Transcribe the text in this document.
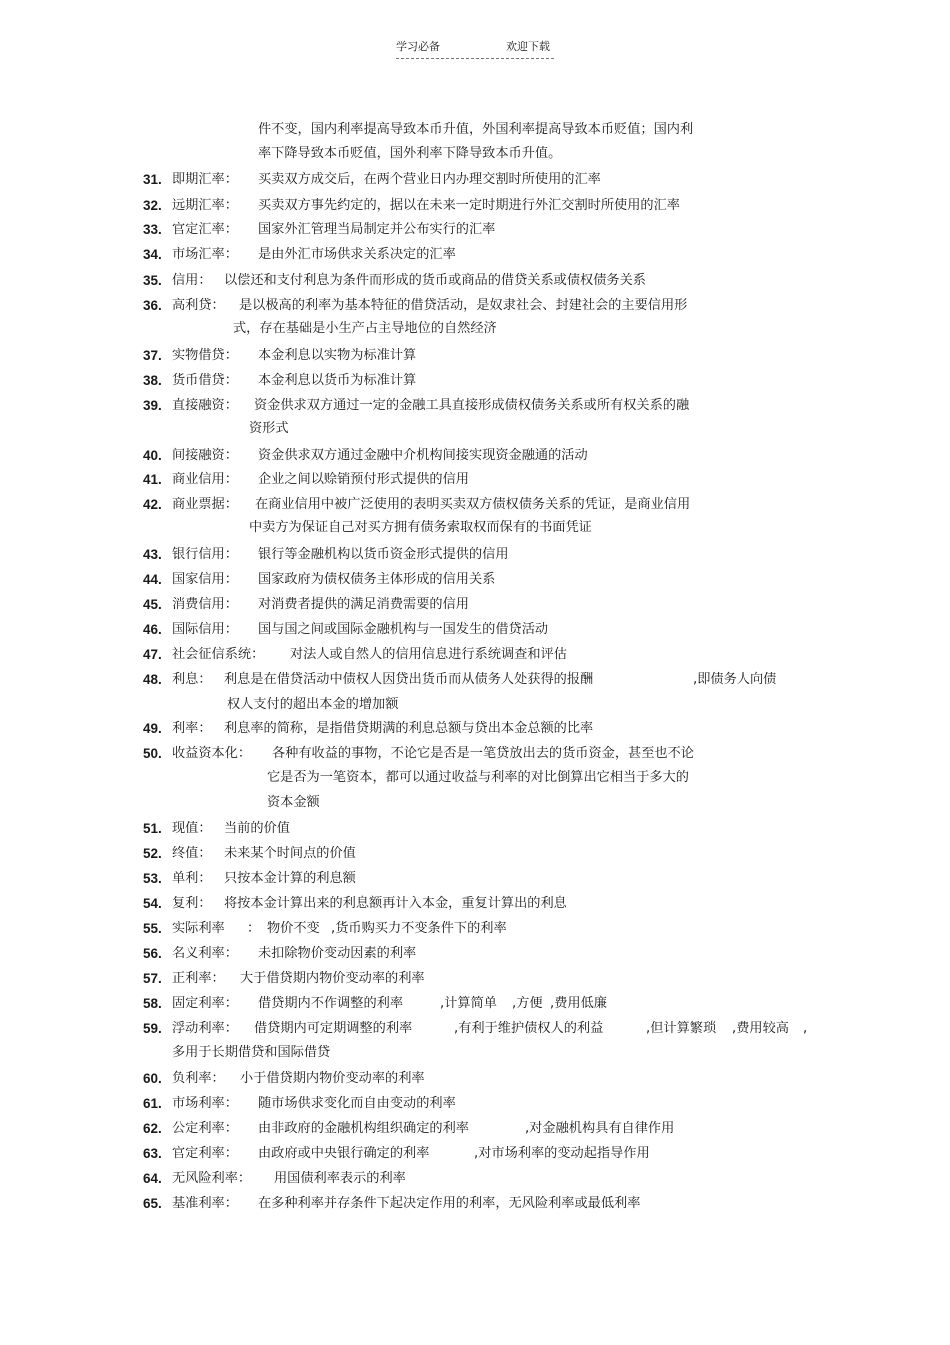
学习必备	欢迎下载
件不变，国内利率提高导致本币升值，外国利率提高导致本币贬值；国内利
率下降导致本币贬值，国外利率下降导致本币升值。
31. 即期汇率： 买卖双方成交后，在两个营业日内办理交割时所使用的汇率
32. 远期汇率： 买卖双方事先约定的，据以在未来一定时期进行外汇交割时所使用的汇率
33. 官定汇率： 国家外汇管理当局制定并公布实行的汇率
34. 市场汇率： 是由外汇市场供求关系决定的汇率
35. 信用： 以偿还和支付利息为条件而形成的货币或商品的借贷关系或债权债务关系
36. 高利贷： 是以极高的利率为基本特征的借贷活动，是奴隶社会、封建社会的主要信用形
式，存在基础是小生产占主导地位的自然经济
37. 实物借贷： 本金利息以实物为标准计算
38. 货币借贷： 本金利息以货币为标准计算
39. 直接融资： 资金供求双方通过一定的金融工具直接形成债权债务关系或所有权关系的融
资形式
40. 间接融资： 资金供求双方通过金融中介机构间接实现资金融通的活动
41. 商业信用： 企业之间以赊销预付形式提供的信用
42. 商业票据： 在商业信用中被广泛使用的表明买卖双方债权债务关系的凭证，是商业信用
中卖方为保证自己对买方拥有债务索取权而保有的书面凭证
43. 银行信用： 银行等金融机构以货币资金形式提供的信用
44. 国家信用： 国家政府为债权债务主体形成的信用关系
45. 消费信用： 对消费者提供的满足消费需要的信用
46. 国际信用： 国与国之间或国际金融机构与一国发生的借贷活动
47. 社会征信系统： 对法人或自然人的信用信息进行系统调查和评估
48. 利息： 利息是在借贷活动中债权人因贷出货币而从债务人处获得的报酬	,即债务人向债
权人支付的超出本金的增加额
49. 利率： 利息率的简称，是指借贷期满的利息总额与贷出本金总额的比率
50. 收益资本化： 各种有收益的事物，不论它是否是一笔贷放出去的货币资金，甚至也不论
它是否为一笔资本，都可以通过收益与利率的对比倒算出它相当于多大的
资本金额
51. 现值： 当前的价值
52. 终值： 未来某个时间点的价值
53. 单利： 只按本金计算的利息额
54. 复利： 将按本金计算出来的利息额再计入本金，重复计算出的利息
55. 实际利率 ： 物价不变 ,货币购买力不变条件下的利率
56. 名义利率： 未扣除物价变动因素的利率
57. 正利率： 大于借贷期内物价变动率的利率
58. 固定利率： 借贷期内不作调整的利率	,计算简单 ,方便 ,费用低廉
59. 浮动利率： 借贷期内可定期调整的利率	,有利于维护债权人的利益	,但计算繁琐 ,费用较高 ,
多用于长期借贷和国际借贷
60. 负利率： 小于借贷期内物价变动率的利率
61. 市场利率： 随市场供求变化而自由变动的利率
62. 公定利率： 由非政府的金融机构组织确定的利率	,对金融机构具有自律作用
63. 官定利率： 由政府或中央银行确定的利率	,对市场利率的变动起指导作用
64. 无风险利率： 用国债利率表示的利率
65. 基准利率： 在多种利率并存条件下起决定作用的利率，无风险利率或最低利率
